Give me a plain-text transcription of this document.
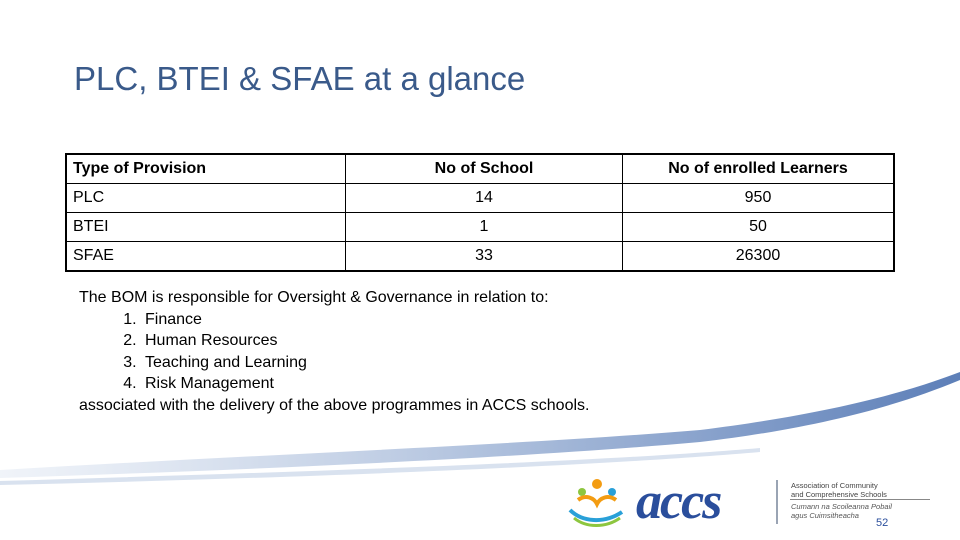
PLC, BTEI & SFAE at a glance
Type of Provision	No of School	No of enrolled Learners
PLC	14	950
BTEI	1	50
SFAE	33	26300
The BOM is responsible for Oversight & Governance in relation to:
1. Finance
2. Human Resources
3. Teaching and Learning
4. Risk Management
associated with the delivery of the above programmes in ACCS schools.
accs	Association of Community
and Comprehensive Schools
Cumann na Scoileanna Pobail
agus Cuimsitheacha
52
